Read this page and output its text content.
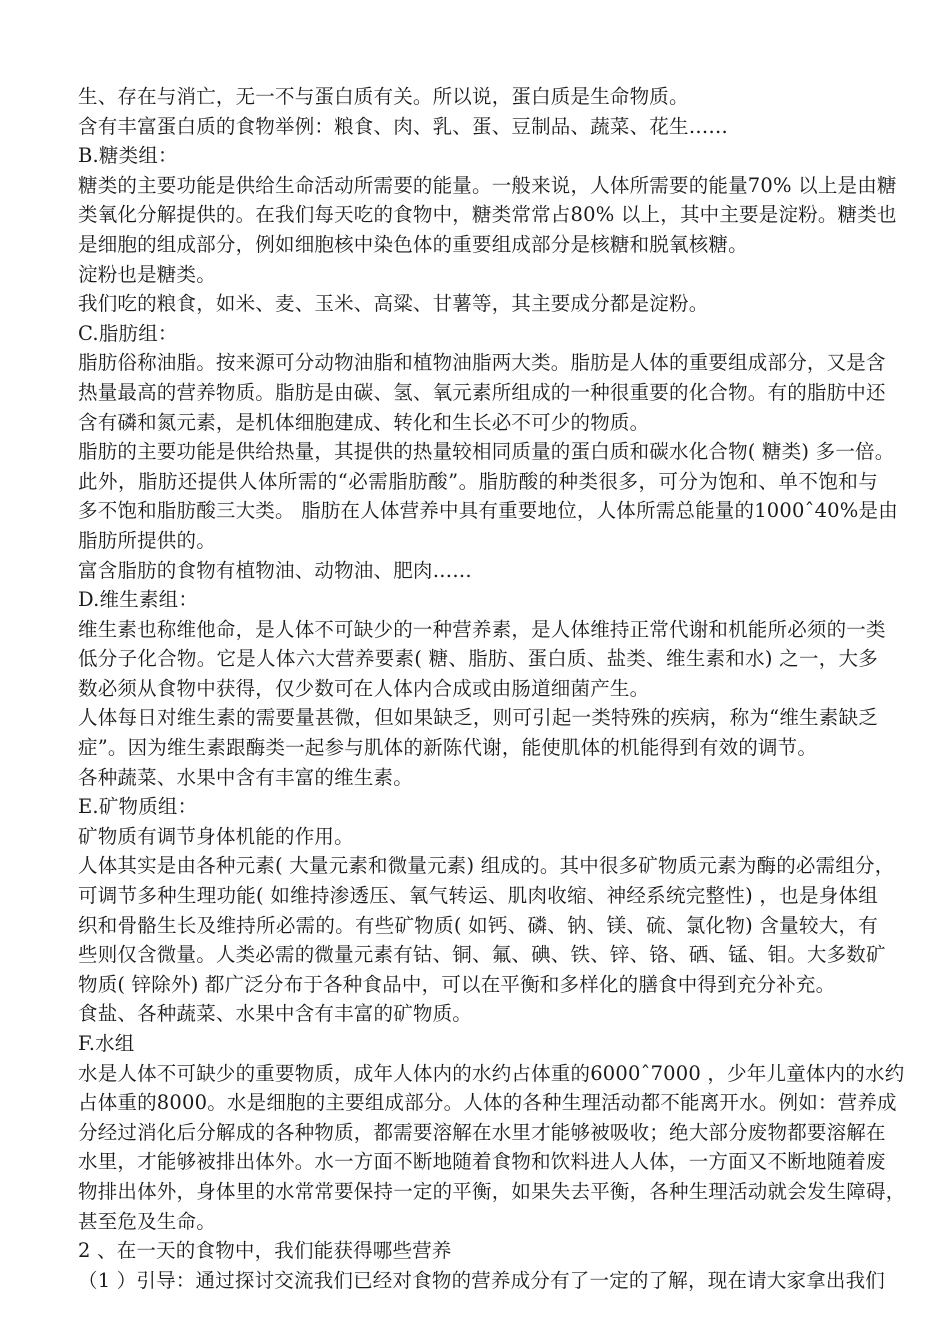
生、存在与消亡，无一不与蛋白质有关。所以说，蛋白质是生命物质。
含有丰富蛋白质的食物举例：粮食、肉、乳、蛋、豆制品、蔬菜、花生……
B.糖类组：
糖类的主要功能是供给生命活动所需要的能量。一般来说，人体所需要的能量70% 以上是由糖
类氧化分解提供的。在我们每天吃的食物中，糖类常常占80% 以上，其中主要是淀粉。糖类也
是细胞的组成部分，例如细胞核中染色体的重要组成部分是核糖和脱氧核糖。
淀粉也是糖类。
我们吃的粮食，如米、麦、玉米、高粱、甘薯等，其主要成分都是淀粉。
C.脂肪组：
脂肪俗称油脂。按来源可分动物油脂和植物油脂两大类。脂肪是人体的重要组成部分，又是含
热量最高的营养物质。脂肪是由碳、氢、氧元素所组成的一种很重要的化合物。有的脂肪中还
含有磷和氮元素，是机体细胞建成、转化和生长必不可少的物质。
脂肪的主要功能是供给热量，其提供的热量较相同质量的蛋白质和碳水化合物( 糖类) 多一倍。
此外，脂肪还提供人体所需的“必需脂肪酸”。脂肪酸的种类很多，可分为饱和、单不饱和与
多不饱和脂肪酸三大类。 脂肪在人体营养中具有重要地位，人体所需总能量的1000ˆ40%是由
脂肪所提供的。
富含脂肪的食物有植物油、动物油、肥肉……
D.维生素组：
维生素也称维他命，是人体不可缺少的一种营养素，是人体维持正常代谢和机能所必须的一类
低分子化合物。它是人体六大营养要素( 糖、脂肪、蛋白质、盐类、维生素和水) 之一，大多
数必须从食物中获得，仅少数可在人体内合成或由肠道细菌产生。
人体每日对维生素的需要量甚微，但如果缺乏，则可引起一类特殊的疾病，称为“维生素缺乏
症”。因为维生素跟酶类一起参与肌体的新陈代谢，能使肌体的机能得到有效的调节。
各种蔬菜、水果中含有丰富的维生素。
E.矿物质组：
矿物质有调节身体机能的作用。
人体其实是由各种元素( 大量元素和微量元素) 组成的。其中很多矿物质元素为酶的必需组分，
可调节多种生理功能( 如维持渗透压、氧气转运、肌肉收缩、神经系统完整性) ，也是身体组
织和骨骼生长及维持所必需的。有些矿物质( 如钙、磷、钠、镁、硫、氯化物) 含量较大，有
些则仅含微量。人类必需的微量元素有钴、铜、氟、碘、铁、锌、铬、硒、锰、钼。大多数矿
物质( 锌除外) 都广泛分布于各种食品中，可以在平衡和多样化的膳食中得到充分补充。
食盐、各种蔬菜、水果中含有丰富的矿物质。
F.水组
水是人体不可缺少的重要物质，成年人体内的水约占体重的6000ˆ7000 ，少年儿童体内的水约
占体重的8000。水是细胞的主要组成部分。人体的各种生理活动都不能离开水。例如：营养成
分经过消化后分解成的各种物质，都需要溶解在水里才能够被吸收；绝大部分废物都要溶解在
水里，才能够被排出体外。水一方面不断地随着食物和饮料进人人体，一方面又不断地随着废
物排出体外，身体里的水常常要保持一定的平衡，如果失去平衡，各种生理活动就会发生障碍，
甚至危及生命。
2 、在一天的食物中，我们能获得哪些营养
（1 ）引导：通过探讨交流我们已经对食物的营养成分有了一定的了解，现在请大家拿出我们
